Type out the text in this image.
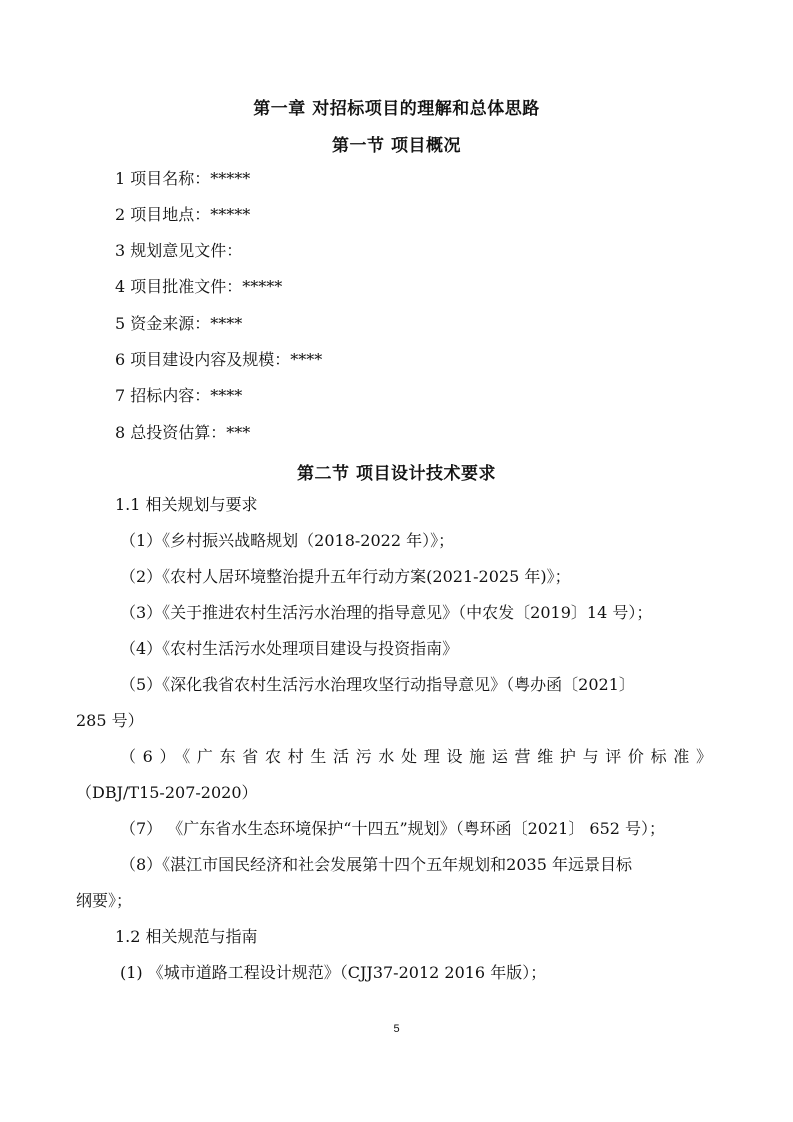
第一章 对招标项目的理解和总体思路
第一节 项目概况
1 项目名称：*****
2 项目地点：*****
3 规划意见文件：
4 项目批准文件：*****
5 资金来源：****
6 项目建设内容及规模：****
7 招标内容：****
8 总投资估算：***
第二节 项目设计技术要求
1.1 相关规划与要求
（1）《乡村振兴战略规划（2018-2022 年）》；
（2）《农村人居环境整治提升五年行动方案(2021-2025 年)》；
（3）《关于推进农村生活污水治理的指导意见》（中农发〔2019〕14 号）；
（4）《农村生活污水处理项目建设与投资指南》
（5）《深化我省农村生活污水治理攻坚行动指导意见》（粤办函〔2021〕
285 号）
（6）《广东省农村生活污水处理设施运营维护与评价标准》
（DBJ/T15-207-2020）
（7） 《广东省水生态环境保护“十四五”规划》（粤环函〔2021〕 652 号）；
（8）《湛江市国民经济和社会发展第十四个五年规划和2035 年远景目标
纲要》；
1.2 相关规范与指南
(1) 《城市道路工程设计规范》（CJJ37-2012 2016 年版）；
5
